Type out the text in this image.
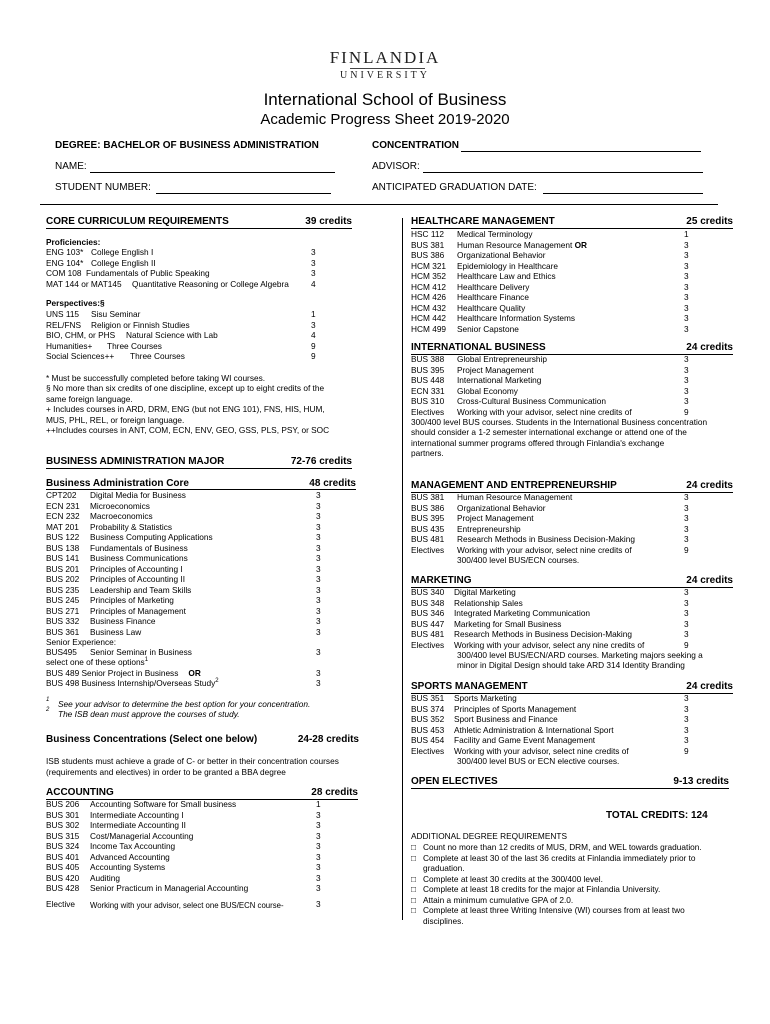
FINLANDIA
UNIVERSITY
International School of Business
Academic Progress Sheet 2019-2020
DEGREE: BACHELOR OF BUSINESS ADMINISTRATION	CONCENTRATION
NAME:	ADVISOR:
STUDENT NUMBER:	ANTICIPATED GRADUATION DATE:
CORE CURRICULUM REQUIREMENTS	39 credits
Proficiencies:
ENG 103* College English I	3
ENG 104* College English II	3
COM 108 Fundamentals of Public Speaking	3
MAT 144 or MAT145 Quantitative Reasoning or College Algebra	4
Perspectives:§
UNS 115 Sisu Seminar	1
REL/FNS Religion or Finnish Studies	3
BIO, CHM, or PHS Natural Science with Lab	4
Humanities+ Three Courses	9
Social Sciences++ Three Courses	9
* Must be successfully completed before taking WI courses.
§ No more than six credits of one discipline, except up to eight credits of the
same foreign language.
+ Includes courses in ARD, DRM, ENG (but not ENG 101), FNS, HIS, HUM,
MUS, PHL, REL, or foreign language.
++Includes courses in ANT, COM, ECN, ENV, GEO, GSS, PLS, PSY, or SOC
BUSINESS ADMINISTRATION MAJOR	72-76 credits
Business Administration Core	48 credits
CPT202 Digital Media for Business	3
ECN 231 Microeconomics	3
ECN 232 Macroeconomics	3
MAT 201 Probability & Statistics	3
BUS 122 Business Computing Applications	3
BUS 138 Fundamentals of Business	3
BUS 141 Business Communications	3
BUS 201 Principles of Accounting I	3
BUS 202 Principles of Accounting II	3
BUS 235 Leadership and Team Skills	3
BUS 245 Principles of Marketing	3
BUS 271 Principles of Management	3
BUS 332 Business Finance	3
BUS 361 Business Law	3
Senior Experience:
BUS495 Senior Seminar in Business	3
select one of these options$^1$
BUS 489 Senior Project in Business OR	3
BUS 498 Business Internship/Overseas Study$^2$	3
1 See your advisor to determine the best option for your concentration.
2 The ISB dean must approve the courses of study.
Business Concentrations (Select one below)	24-28 credits
ISB students must achieve a grade of C- or better in their concentration courses
(requirements and electives) in order to be granted a BBA degree
ACCOUNTING	28 credits
BUS 206 Accounting Software for Small business	1
BUS 301 Intermediate Accounting I	3
BUS 302 Intermediate Accounting II	3
BUS 315 Cost/Managerial Accounting	3
BUS 324 Income Tax Accounting	3
BUS 401 Advanced Accounting	3
BUS 405 Accounting Systems	3
BUS 420 Auditing	3
BUS 428 Senior Practicum in Managerial Accounting	3
Elective Working with your advisor, select one BUS/ECN course-	3
HEALTHCARE MANAGEMENT	25 credits
HSC 112 Medical Terminology	1
BUS 381 Human Resource Management OR	3
BUS 386 Organizational Behavior	3
HCM 321 Epidemiology in Healthcare	3
HCM 352 Healthcare Law and Ethics	3
HCM 412 Healthcare Delivery	3
HCM 426 Healthcare Finance	3
HCM 432 Healthcare Quality	3
HCM 442 Healthcare Information Systems	3
HCM 499 Senior Capstone	3
INTERNATIONAL BUSINESS	24 credits
BUS 388 Global Entrepreneurship	3
BUS 395 Project Management	3
BUS 448 International Marketing	3
ECN 331 Global Economy	3
BUS 310 Cross-Cultural Business Communication	3
Electives Working with your advisor, select nine credits of	9
300/400 level BUS courses. Students in the International Business concentration
should consider a 1-2 semester international exchange or attend one of the
international summer programs offered through Finlandia's exchange
partners.
MANAGEMENT AND ENTREPRENEURSHIP	24 credits
BUS 381 Human Resource Management	3
BUS 386 Organizational Behavior	3
BUS 395 Project Management	3
BUS 435 Entrepreneurship	3
BUS 481 Research Methods in Business Decision-Making	3
Electives Working with your advisor, select nine credits of	9
300/400 level BUS/ECN courses.
MARKETING	24 credits
BUS 340 Digital Marketing	3
BUS 348 Relationship Sales	3
BUS 346 Integrated Marketing Communication	3
BUS 447 Marketing for Small Business	3
BUS 481 Research Methods in Business Decision-Making	3
Electives Working with your advisor, select any nine credits of	9
300/400 level BUS/ECN/ARD courses. Marketing majors seeking a
minor in Digital Design should take ARD 314 Identity Branding
SPORTS MANAGEMENT	24 credits
BUS 351 Sports Marketing	3
BUS 374 Principles of Sports Management	3
BUS 352 Sport Business and Finance	3
BUS 453 Athletic Administration & International Sport	3
BUS 454 Facility and Game Event Management	3
Electives Working with your advisor, select nine credits of	9
300/400 level BUS or ECN elective courses.
OPEN ELECTIVES	9-13 credits
TOTAL CREDITS: 124
ADDITIONAL DEGREE REQUIREMENTS
□ Count no more than 12 credits of MUS, DRM, and WEL towards graduation.
□ Complete at least 30 of the last 36 credits at Finlandia immediately prior to
graduation.
□ Complete at least 30 credits at the 300/400 level.
□ Complete at least 18 credits for the major at Finlandia University.
□ Attain a minimum cumulative GPA of 2.0.
□ Complete at least three Writing Intensive (WI) courses from at least two
disciplines.
